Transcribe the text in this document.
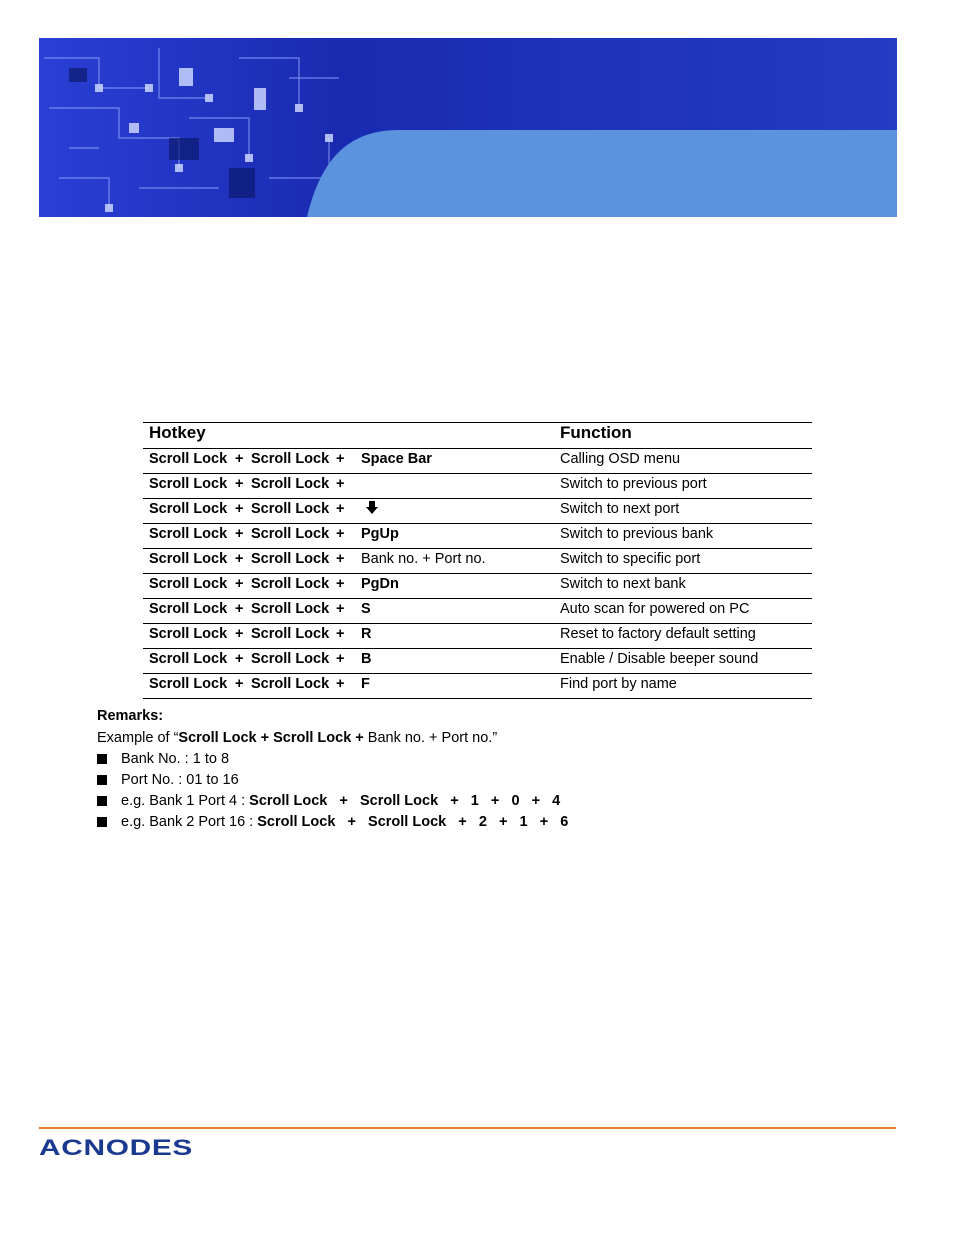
Hotkey	Function
Scroll Lock + Scroll Lock + Space Bar	Calling OSD menu
Scroll Lock + Scroll Lock +	Switch to previous port
Scroll Lock + Scroll Lock +	Switch to next port
Scroll Lock + Scroll Lock + PgUp	Switch to previous bank
Scroll Lock + Scroll Lock + Bank no. + Port no.	Switch to specific port
Scroll Lock + Scroll Lock + PgDn	Switch to next bank
Scroll Lock + Scroll Lock + S	Auto scan for powered on PC
Scroll Lock + Scroll Lock + R	Reset to factory default setting
Scroll Lock + Scroll Lock + B	Enable / Disable beeper sound
Scroll Lock + Scroll Lock + F	Find port by name
Remarks:
Example of “Scroll Lock + Scroll Lock + Bank no. + Port no.”
Bank No. : 1 to 8
Port No. : 01 to 16
e.g. Bank 1 Port 4 : Scroll Lock   +   Scroll Lock   +   1   +   0   +   4
e.g. Bank 2 Port 16 : Scroll Lock   +   Scroll Lock   +   2   +   1   +   6
ACNODES
